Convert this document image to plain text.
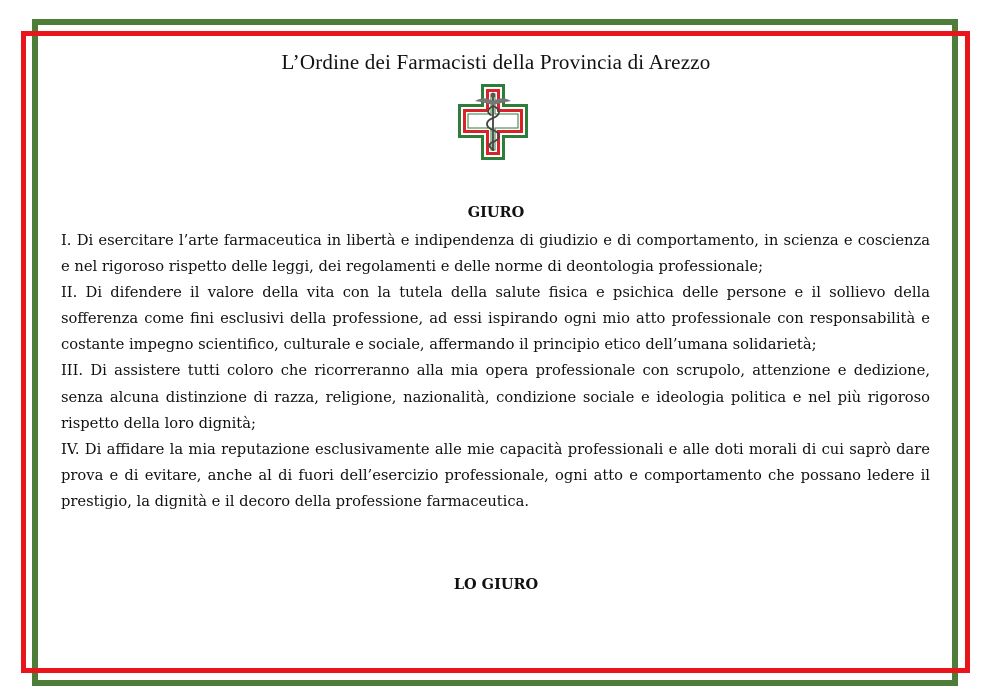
L’Ordine dei Farmacisti della Provincia di Arezzo
GIURO

I. Di esercitare l’arte farmaceutica in libertà e indipendenza di giudizio e di comportamento, in scienza e coscienza e nel rigoroso rispetto delle leggi, dei regolamenti e delle norme di deontologia professionale;

II. Di difendere il valore della vita con la tutela della salute fisica e psichica delle persone e il sollievo della sofferenza come fini esclusivi della professione, ad essi ispirando ogni mio atto professionale con responsabilità e costante impegno scientifico, culturale e sociale, affermando il principio etico dell’umana solidarietà;

III. Di assistere tutti coloro che ricorreranno alla mia opera professionale con scrupolo, attenzione e dedizione, senza alcuna distinzione di razza, religione, nazionalità, condizione sociale e ideologia politica e nel più rigoroso rispetto della loro dignità;

IV. Di affidare la mia reputazione esclusivamente alle mie capacità professionali e alle doti morali di cui saprò dare prova e di evitare, anche al di fuori dell’esercizio professionale, ogni atto e comportamento che possano ledere il prestigio, la dignità e il decoro della professione farmaceutica.

LO GIURO
